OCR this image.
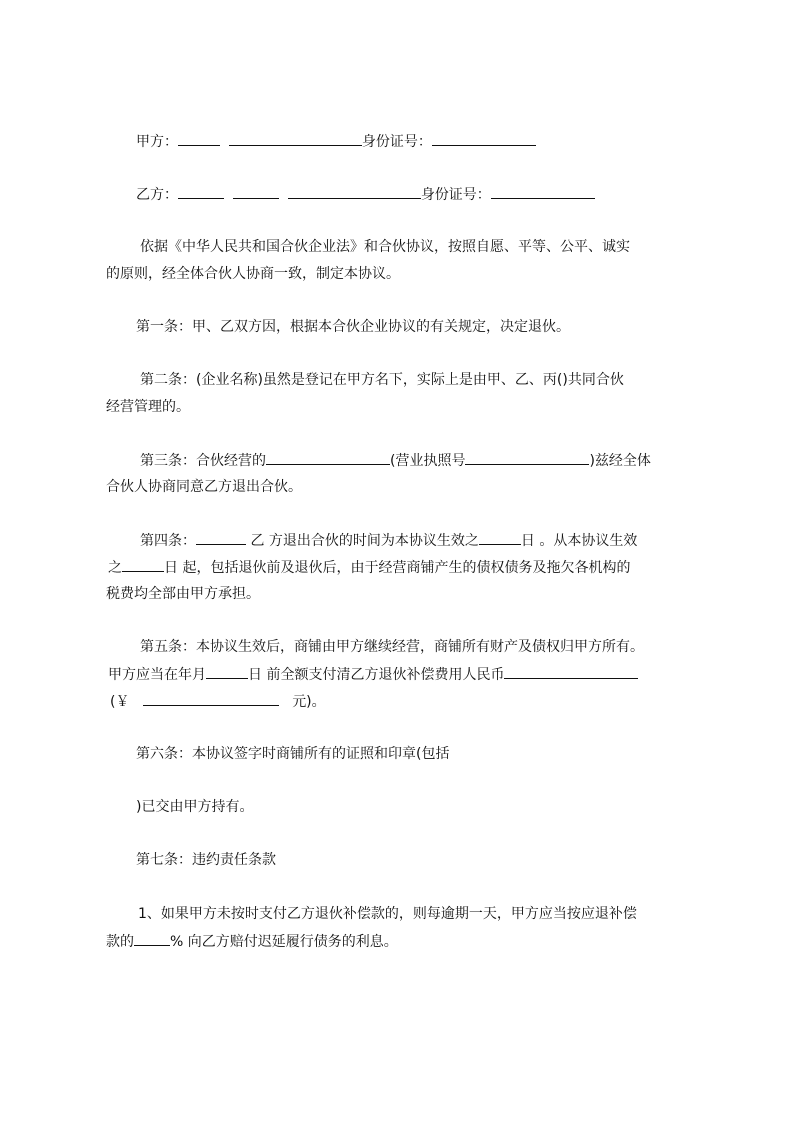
甲方：	身份证号：
乙方：	身份证号：
依据《中华人民共和国合伙企业法》和合伙协议，按照自愿、平等、公平、诚实
的原则，经全体合伙人协商一致，制定本协议。
第一条：甲、乙双方因，根据本合伙企业协议的有关规定，决定退伙。
第二条：(企业名称)虽然是登记在甲方名下，实际上是由甲、乙、丙()共同合伙
经营管理的。
第三条：合伙经营的	(营业执照号	)兹经全体
合伙人协商同意乙方退出合伙。
第四条：	乙 方退出合伙的时间为本协议生效之	日 。从本协议生效
之	日 起，包括退伙前及退伙后，由于经营商铺产生的债权债务及拖欠各机构的
税费均全部由甲方承担。
第五条：本协议生效后，商铺由甲方继续经营，商铺所有财产及债权归甲方所有。
甲方应当在年月	日 前全额支付清乙方退伙补偿费用人民币
(￥	元)。
第六条：本协议签字时商铺所有的证照和印章(包括
)已交由甲方持有。
第七条：违约责任条款
1、如果甲方未按时支付乙方退伙补偿款的，则每逾期一天，甲方应当按应退补偿
款的	% 向乙方赔付迟延履行债务的利息。
